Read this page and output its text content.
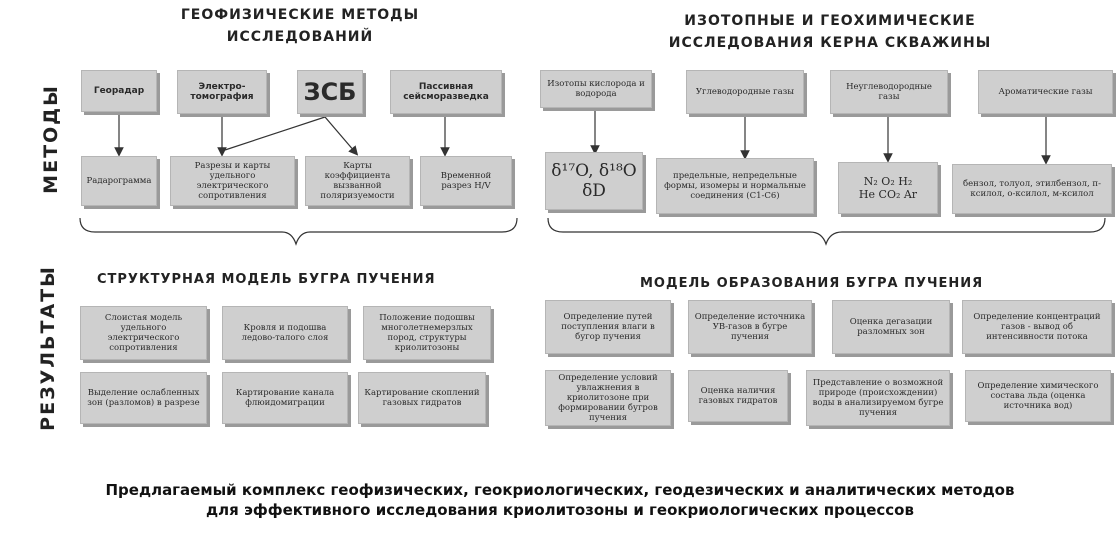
ГЕОФИЗИЧЕСКИЕ МЕТОДЫ
ИССЛЕДОВАНИЙ
ИЗОТОПНЫЕ И ГЕОХИМИЧЕСКИЕ
ИССЛЕДОВАНИЯ КЕРНА СКВАЖИНЫ
МЕТОДЫ
РЕЗУЛЬТАТЫ
Георадар	Электро-
томография	ЗСБ	Пассивная
сейсморазведка
Радарограмма
Разрезы и карты удельного электрического сопротивления
Карты коэффициента вызванной поляризуемости
Временной разрез H/V
Изотопы кислорода и водорода	Углеводородные газы	Неуглеводородные газы	Ароматические газы
δ¹⁷O, δ¹⁸O
δD
предельные, непредельные формы, изомеры и нормальные соединения (C1-C6)
N₂ O₂ H₂
He CO₂ Ar
бензол, толуол, этилбензол, п-ксилол, о-ксилол, м-ксилол
СТРУКТУРНАЯ МОДЕЛЬ БУГРА ПУЧЕНИЯ	МОДЕЛЬ ОБРАЗОВАНИЯ БУГРА ПУЧЕНИЯ
Слоистая модель удельного электрического сопротивления
Кровля и подошва ледово-талого слоя
Положение подошвы многолетнемерзлых пород, структуры криолитозоны
Выделение ослабленных зон (разломов) в разрезе
Картирование канала флюидомиграции
Картирование скоплений газовых гидратов
Определение путей поступления влаги в бугор пучения
Определение источника УВ-газов в бугре пучения
Оценка дегазации разломных зон
Определение концентраций газов - вывод об интенсивности потока
Определение условий увлажнения в криолитозоне при формировании бугров пучения
Оценка наличия газовых гидратов
Представление о возможной природе (происхождении) воды в анализируемом бугре пучения
Определение химического состава льда (оценка источника вод)
Предлагаемый комплекс геофизических, геокриологических, геодезических и аналитических методов
для эффективного исследования криолитозоны и геокриологических процессов
